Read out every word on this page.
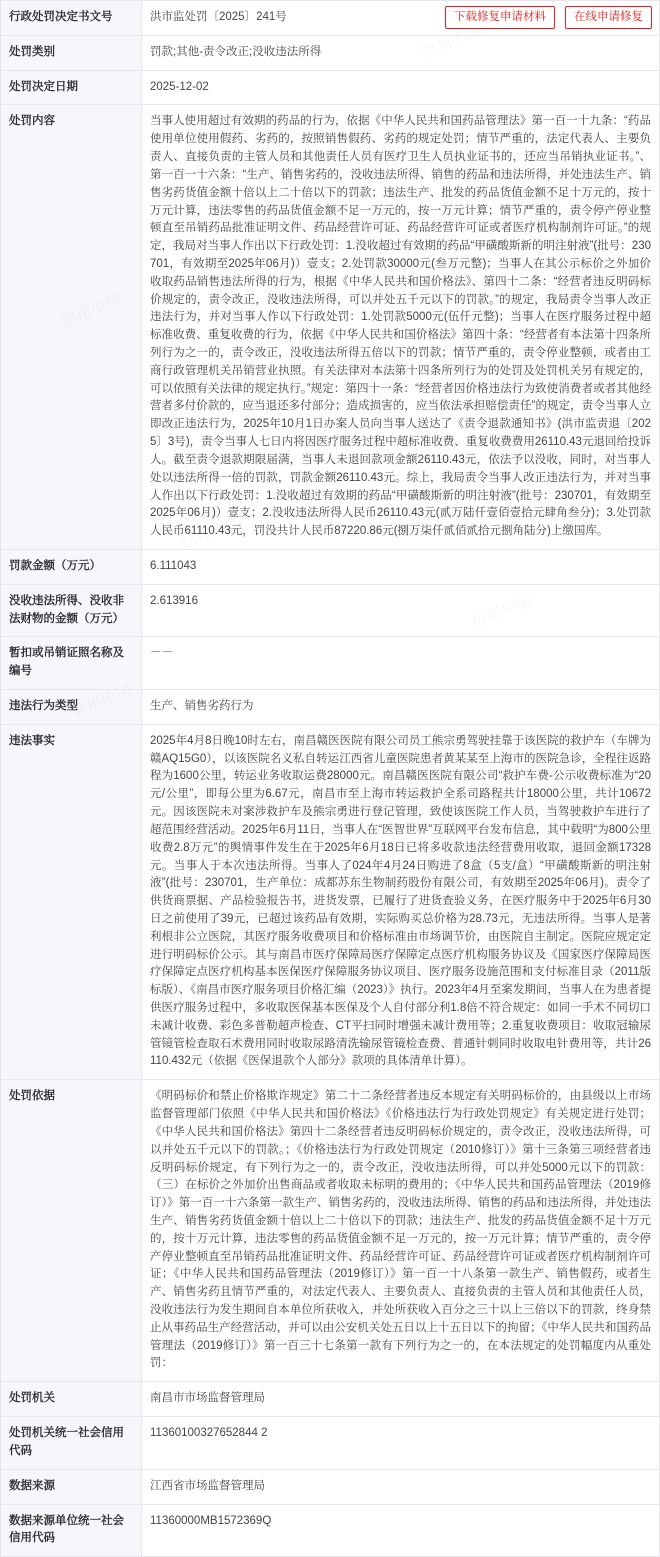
下载修复申请材料	在线申请修复
行政处罚决定书文号	洪市监处罚〔2025〕241号
处罚类别	罚款;其他-责令改正;没收违法所得
处罚决定日期	2025-12-02
处罚内容	当事人使用超过有效期的药品的行为，依据《中华人民共和国药品管理法》第一百一十九条：“药品使用单位使用假药、劣药的，按照销售假药、劣药的规定处罚；情节严重的，法定代表人、主要负责人、直接负责的主管人员和其他责任人员有医疗卫生人员执业证书的，还应当吊销执业证书。”、第一百一十六条：“生产、销售劣药的，没收违法所得、销售的药品和违法所得，并处违法生产、销售劣药货值金额十倍以上二十倍以下的罚款；违法生产、批发的药品货值金额不足十万元的，按十万元计算，违法零售的药品货值金额不足一万元的，按一万元计算；情节严重的，责令停产停业整顿直至吊销药品批准证明文件、药品经营许可证、药品经营许可证或者医疗机构制剂许可证。”的规定，我局对当事人作出以下行政处罚：1.没收超过有效期的药品“甲磺酸斯新的明注射液”(批号：230701，有效期至2025年06月)）壹支；2.处罚款30000元(叁万元整)；当事人在其公示标价之外加价收取药品销售违法所得的行为，根据《中华人民共和国价格法》、第四十二条：“经营者违反明码标价规定的，责令改正，没收违法所得，可以并处五千元以下的罚款。”的规定，我局责令当事人改正违法行为，并对当事人作以下行政处罚：1.处罚款5000元(伍仟元整)；当事人在医疗服务过程中超标准收费、重复收费的行为，依据《中华人民共和国价格法》第四十条：“经营者有本法第十四条所列行为之一的，责令改正，没收违法所得五倍以下的罚款；情节严重的，责令停业整顿，或者由工商行政管理机关吊销营业执照。有关法律对本法第十四条所列行为的处罚及处罚机关另有规定的，可以依照有关法律的规定执行。”规定：第四十一条：“经营者因价格违法行为致使消费者或者其他经营者多付价款的，应当退还多付部分；造成损害的，应当依法承担赔偿责任”的规定，责令当事人立即改正违法行为，2025年10月1日办案人员向当事人送达了《责令退款通知书》(洪市监责退〔2025〕3号)，责令当事人七日内将因医疗服务过程中超标准收费、重复收费费用26110.43元退回给投诉人。截至责令退款期限届满，当事人未退回款项金额26110.43元，依法予以没收，同时，对当事人处以违法所得一倍的罚款，罚款金额26110.43元。综上，我局责令当事人改正违法行为，并对当事人作出以下行政处罚：1.没收超过有效期的药品“甲磺酸斯新的明注射液”(批号：230701，有效期至2025年06月)）壹支；2.没收违法所得人民币26110.43元(贰万陆仟壹佰壹拾元肆角叁分)；3.处罚款人民币61110.43元，罚没共计人民币87220.86元(捌万柒仟贰佰贰拾元捌角陆分)上缴国库。
罚款金额（万元）	6.111043
没收违法所得、没收非法财物的金额（万元）	2.613916
暂扣或吊销证照名称及编号	－－
违法行为类型	生产、销售劣药行为
违法事实	2025年4月8日晚10时左右，南昌赣医医院有限公司员工熊宗勇驾驶挂靠于该医院的救护车（车牌为赣AQ15G0），以该医院名义私自转运江西省儿童医院患者黄某某至上海市的医院急诊，全程往返路程为1600公里，转运业务收取运费28000元。南昌赣医医院有限公司“救护车费-公示收费标准为“20元/公里”，即每公里为6.67元，南昌市至上海市转运救护全系司路程共计18000公里，共计10672元。因该医院未对案涉救护车及熊宗勇进行登记管理，致使该医院工作人员，当驾驶救护车进行了超范围经营活动。2025年6月11日，当事人在“医智世界”互联网平台发布信息，其中载明“为800公里收费2.8万元”的舆情事件发生在于2025年6月18日已将多收款违法经营费用收取，退回金额17328元。当事人于本次违法所得。当事人了024年4月24日购进了8盒（5支/盒）“甲磺酸斯新的明注射液”(批号：230701，生产单位：成都苏东生物制药股份有限公司，有效期至2025年06月)。责令了供货商票据、产品检验报告书，进货发票，已履行了进货查验义务，在医疗服务中于2025年6月30日之前使用了39元，已超过该药品有效期，实际购买总价格为28.73元，无违法所得。当事人是著利根非公立医院，其医疗服务收费项目和价格标准由市场调节价，由医院自主制定。医院应规定定进行明码标价公示。其与南昌市医疗保障局医疗保障定点医疗机构服务协议及《国家医疗保障局医疗保障定点医疗机构基本医保医疗保障服务协议项目、医疗服务设施范围和支付标准目录（2011版标版）、《南昌市医疗服务项目价格汇编（2023）》执行。2023年4月至案发期间，当事人在为患者提供医疗服务过程中，多收取医保基本医保及个人自付部分利1.8倍不符合规定：如同一手术不同切口未减计收费、彩色多普勒超声检查、CT平扫同时增强未减计费用等；2.重复收费项目：收取冠输尿管镜管检查取石术费用同时收取尿路清洗输尿管镜检查费、普通针刺同时收取电针费用等，共计26110.432元（依据《医保退款个人部分》款项的具体清单计算）。
处罚依据	《明码标价和禁止价格欺诈规定》第二十二条经营者违反本规定有关明码标价的，由县级以上市场监督管理部门依照《中华人民共和国价格法》《价格违法行为行政处罚规定》有关规定进行处罚；《中华人民共和国价格法》第四十二条经营者违反明码标价规定的，责令改正，没收违法所得，可以并处五千元以下的罚款。；《价格违法行为行政处罚规定（2010修订）》第十三条第三项经营者违反明码标价规定，有下列行为之一的，责令改正，没收违法所得，可以并处5000元以下的罚款：（三）在标价之外加价出售商品或者收取未标明的费用的；《中华人民共和国药品管理法（2019修订）》第一百一十六条第一款生产、销售劣药的，没收违法所得、销售的药品和违法所得，并处违法生产、销售劣药货值金额十倍以上二十倍以下的罚款；违法生产、批发的药品货值金额不足十万元的，按十万元计算，违法零售的药品货值金额不足一万元的，按一万元计算；情节严重的，责令停产停业整顿直至吊销药品批准证明文件、药品经营许可证、药品经营许可证或者医疗机构制剂许可证；《中华人民共和国药品管理法（2019修订）》第一百一十八条第一款生产、销售假药，或者生产、销售劣药且情节严重的，对法定代表人、主要负责人、直接负责的主管人员和其他责任人员，没收违法行为发生期间自本单位所获收入，并处所获收入百分之三十以上三倍以下的罚款，终身禁止从事药品生产经营活动，并可以由公安机关处五日以上十五日以下的拘留；《中华人民共和国药品管理法（2019修订）》第一百三十七条第一款有下列行为之一的，在本法规定的处罚幅度内从重处罚：
处罚机关	南昌市市场监督管理局
处罚机关统一社会信用代码	11360100327652844 2
数据来源	江西省市场监督管理局
数据来源单位统一社会信用代码	11360000MB1572369Q
